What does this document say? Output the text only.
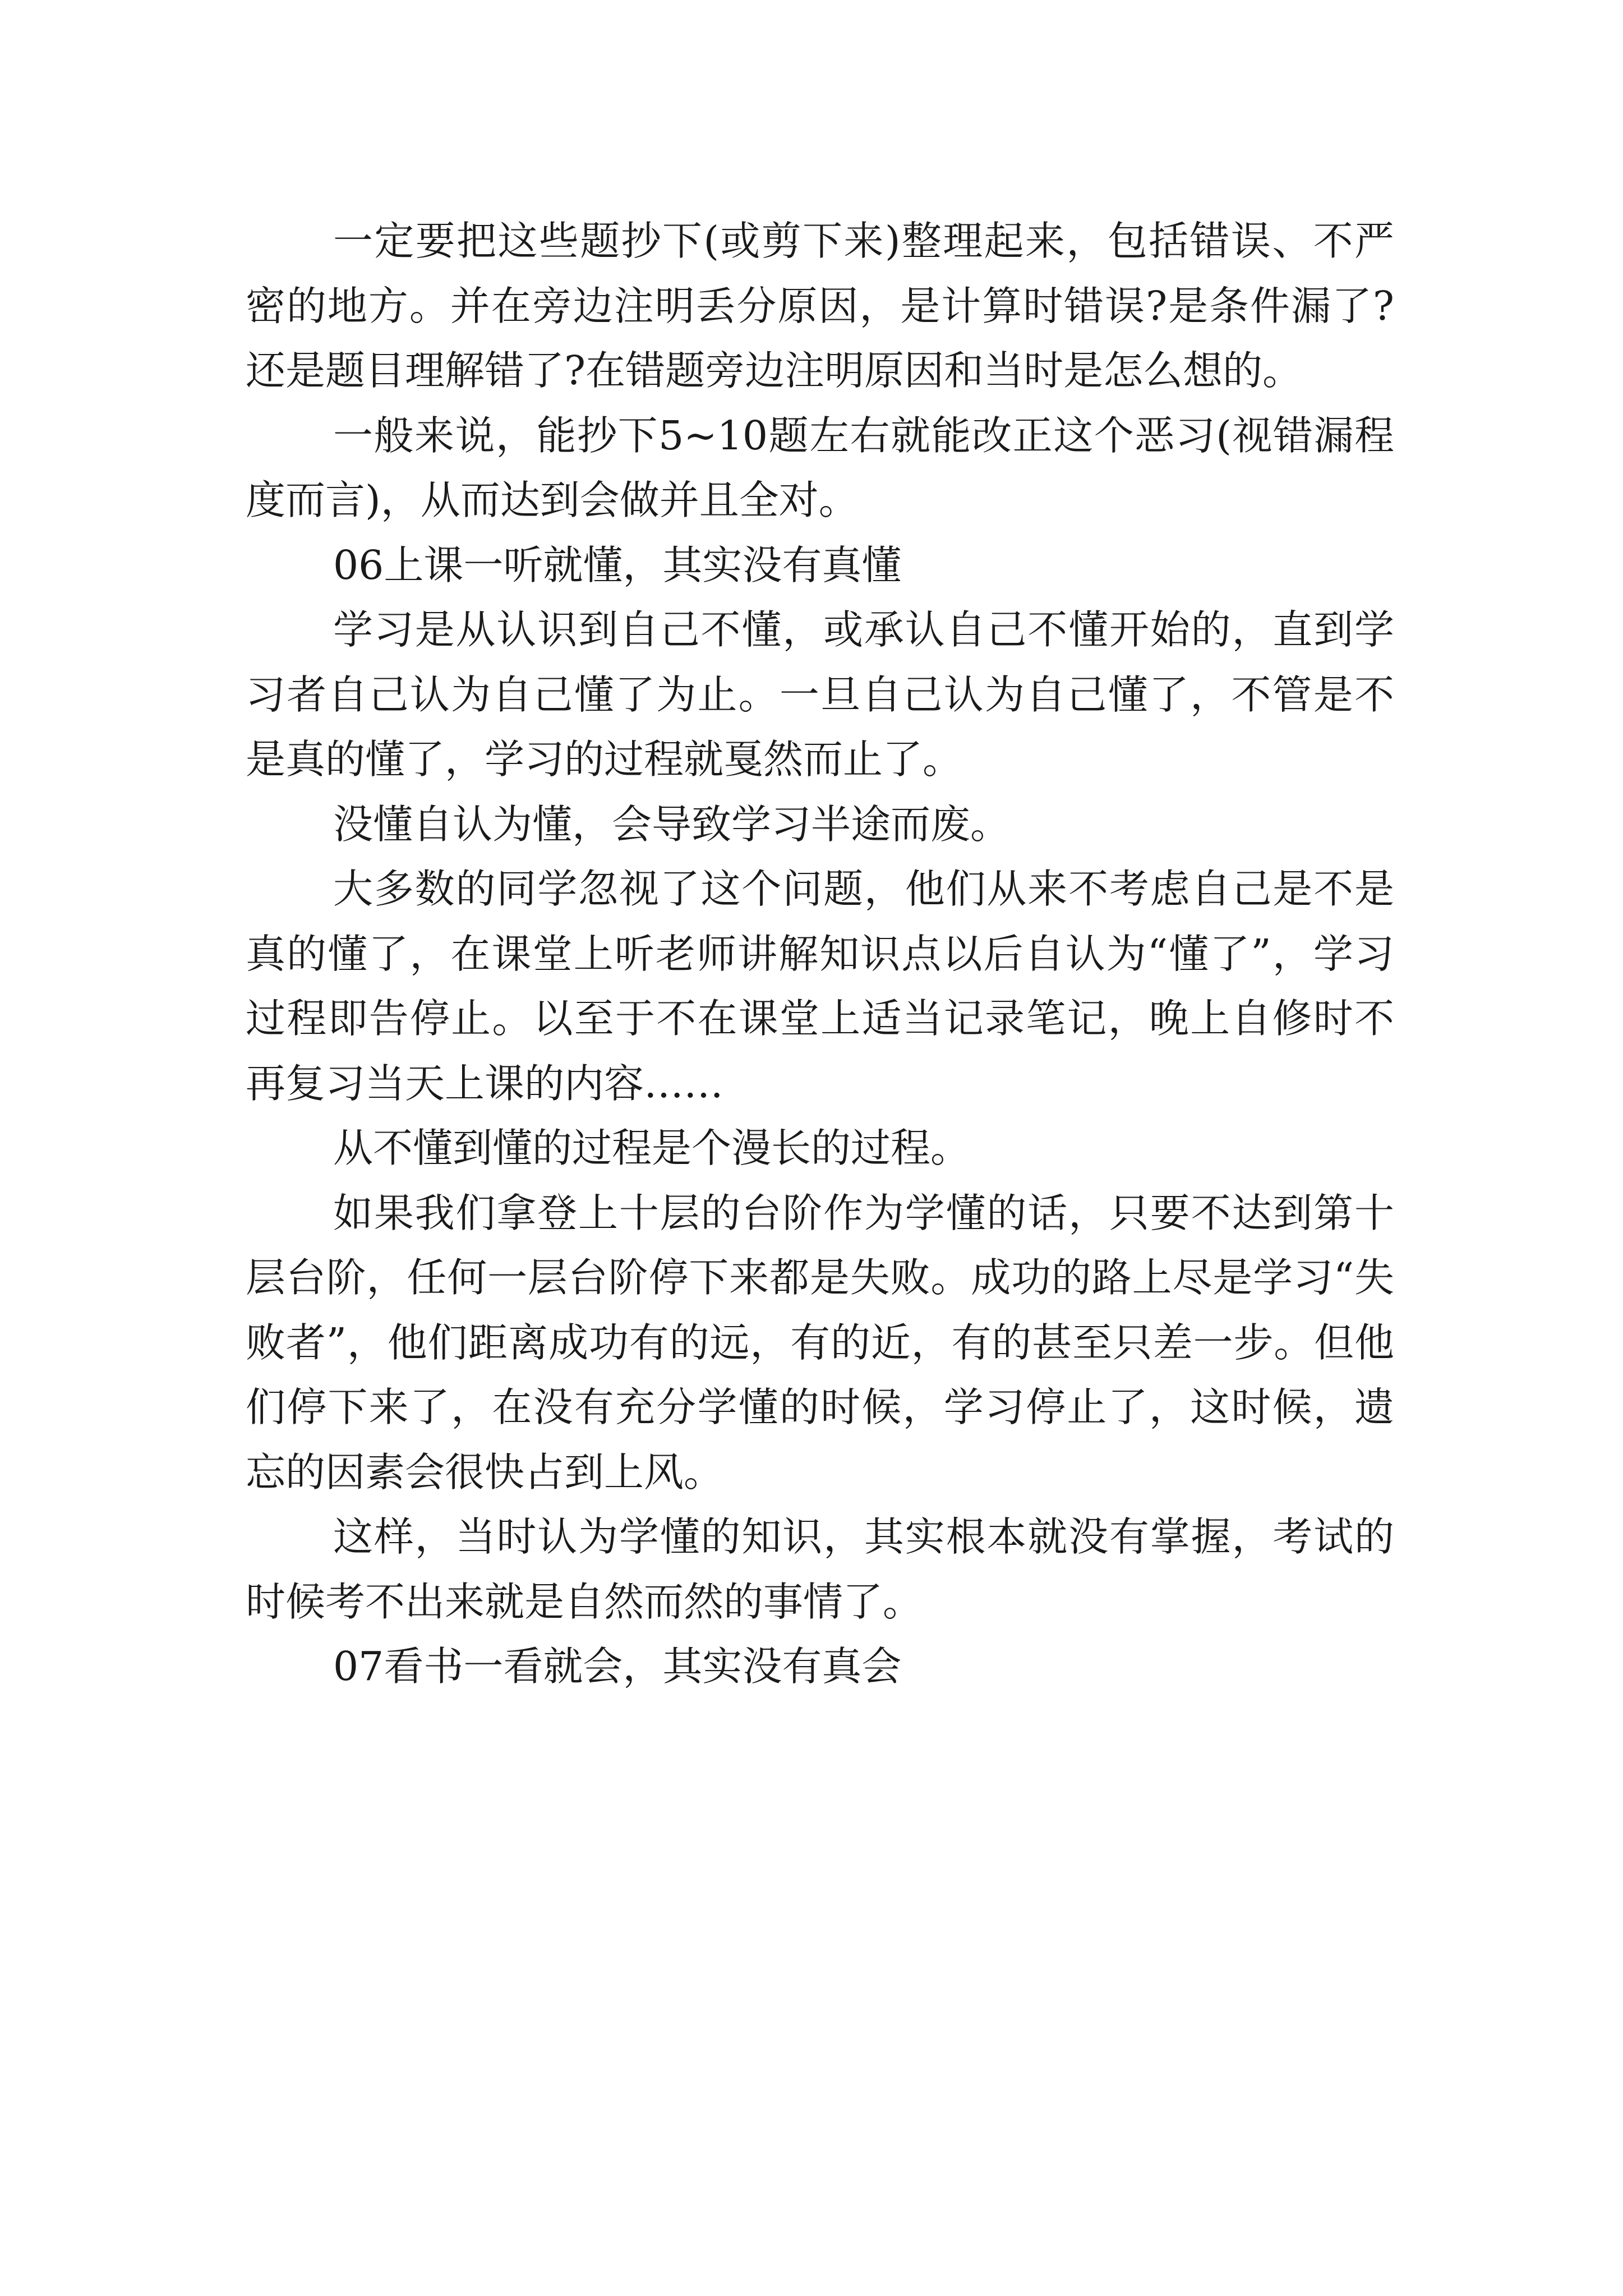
一定要把这些题抄下(或剪下来)整理起来，包括错误、不严密的地方。并在旁边注明丢分原因，是计算时错误?是条件漏了?还是题目理解错了?在错题旁边注明原因和当时是怎么想的。

一般来说，能抄下5~10题左右就能改正这个恶习(视错漏程度而言)，从而达到会做并且全对。

06上课一听就懂，其实没有真懂

学习是从认识到自己不懂，或承认自己不懂开始的，直到学习者自己认为自己懂了为止。一旦自己认为自己懂了，不管是不是真的懂了，学习的过程就戛然而止了。

没懂自认为懂，会导致学习半途而废。

大多数的同学忽视了这个问题，他们从来不考虑自己是不是真的懂了，在课堂上听老师讲解知识点以后自认为“懂了”，学习过程即告停止。以至于不在课堂上适当记录笔记，晚上自修时不再复习当天上课的内容……

从不懂到懂的过程是个漫长的过程。

如果我们拿登上十层的台阶作为学懂的话，只要不达到第十层台阶，任何一层台阶停下来都是失败。成功的路上尽是学习“失败者”，他们距离成功有的远，有的近，有的甚至只差一步。但他们停下来了，在没有充分学懂的时候，学习停止了，这时候，遗忘的因素会很快占到上风。

这样，当时认为学懂的知识，其实根本就没有掌握，考试的时候考不出来就是自然而然的事情了。

07看书一看就会，其实没有真会
